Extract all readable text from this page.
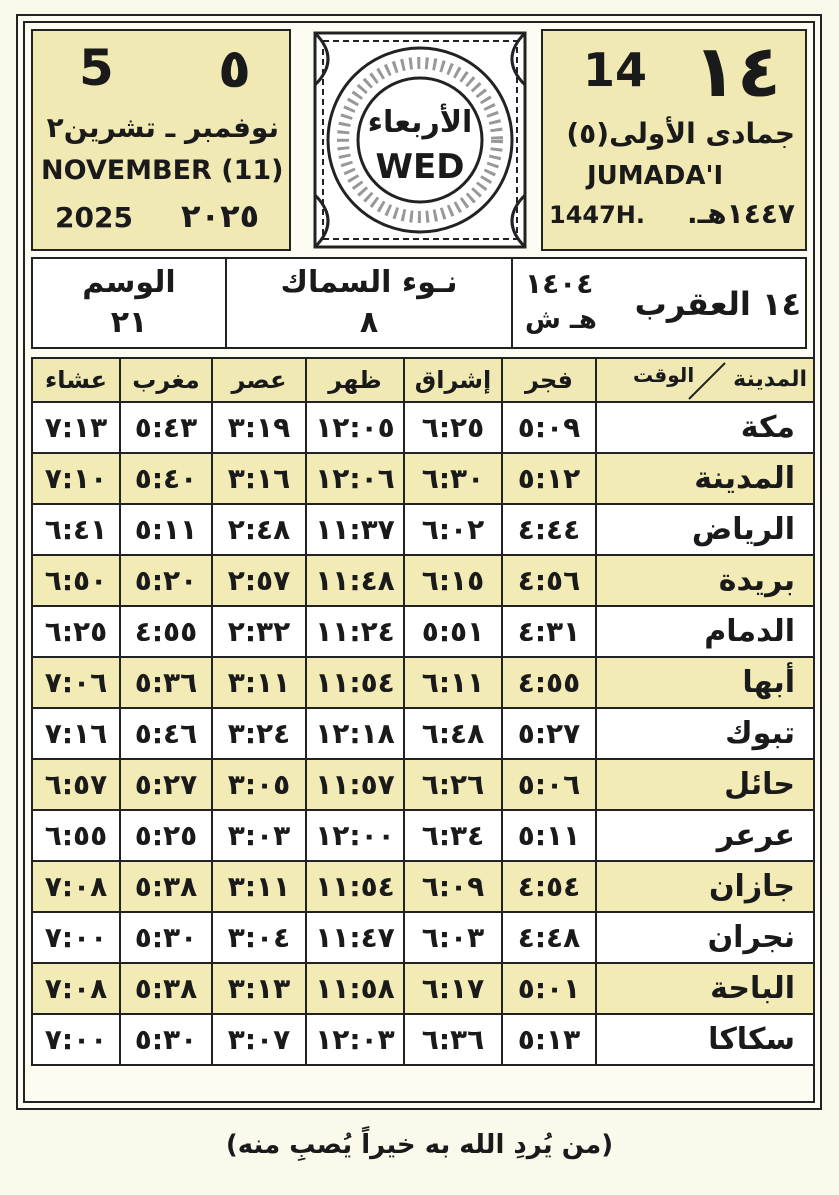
5 ٥
نوفمبر ـ تشرين٢
NOVEMBER (11)
2025 ٢٠٢٥
الأربعاء
WED
14 ١٤
جمادى الأولى(٥)
JUMADA'I
1447H. ١٤٤٧هـ.
الوسم
٢١
نـوء السماك
٨
١٤٠٤
هـ ش ١٤ العقرب
المدينة
الوقت	فجر	إشراق	ظهر	عصر	مغرب	عشاء
مكة	٥:٠٩	٦:٢٥	١٢:٠٥	٣:١٩	٥:٤٣	٧:١٣
المدينة	٥:١٢	٦:٣٠	١٢:٠٦	٣:١٦	٥:٤٠	٧:١٠
الرياض	٤:٤٤	٦:٠٢	١١:٣٧	٢:٤٨	٥:١١	٦:٤١
بريدة	٤:٥٦	٦:١٥	١١:٤٨	٢:٥٧	٥:٢٠	٦:٥٠
الدمام	٤:٣١	٥:٥١	١١:٢٤	٢:٣٢	٤:٥٥	٦:٢٥
أبها	٤:٥٥	٦:١١	١١:٥٤	٣:١١	٥:٣٦	٧:٠٦
تبوك	٥:٢٧	٦:٤٨	١٢:١٨	٣:٢٤	٥:٤٦	٧:١٦
حائل	٥:٠٦	٦:٢٦	١١:٥٧	٣:٠٥	٥:٢٧	٦:٥٧
عرعر	٥:١١	٦:٣٤	١٢:٠٠	٣:٠٣	٥:٢٥	٦:٥٥
جازان	٤:٥٤	٦:٠٩	١١:٥٤	٣:١١	٥:٣٨	٧:٠٨
نجران	٤:٤٨	٦:٠٣	١١:٤٧	٣:٠٤	٥:٣٠	٧:٠٠
الباحة	٥:٠١	٦:١٧	١١:٥٨	٣:١٣	٥:٣٨	٧:٠٨
سكاكا	٥:١٣	٦:٣٦	١٢:٠٣	٣:٠٧	٥:٣٠	٧:٠٠
(من يُردِ الله به خيراً يُصبِ منه)
